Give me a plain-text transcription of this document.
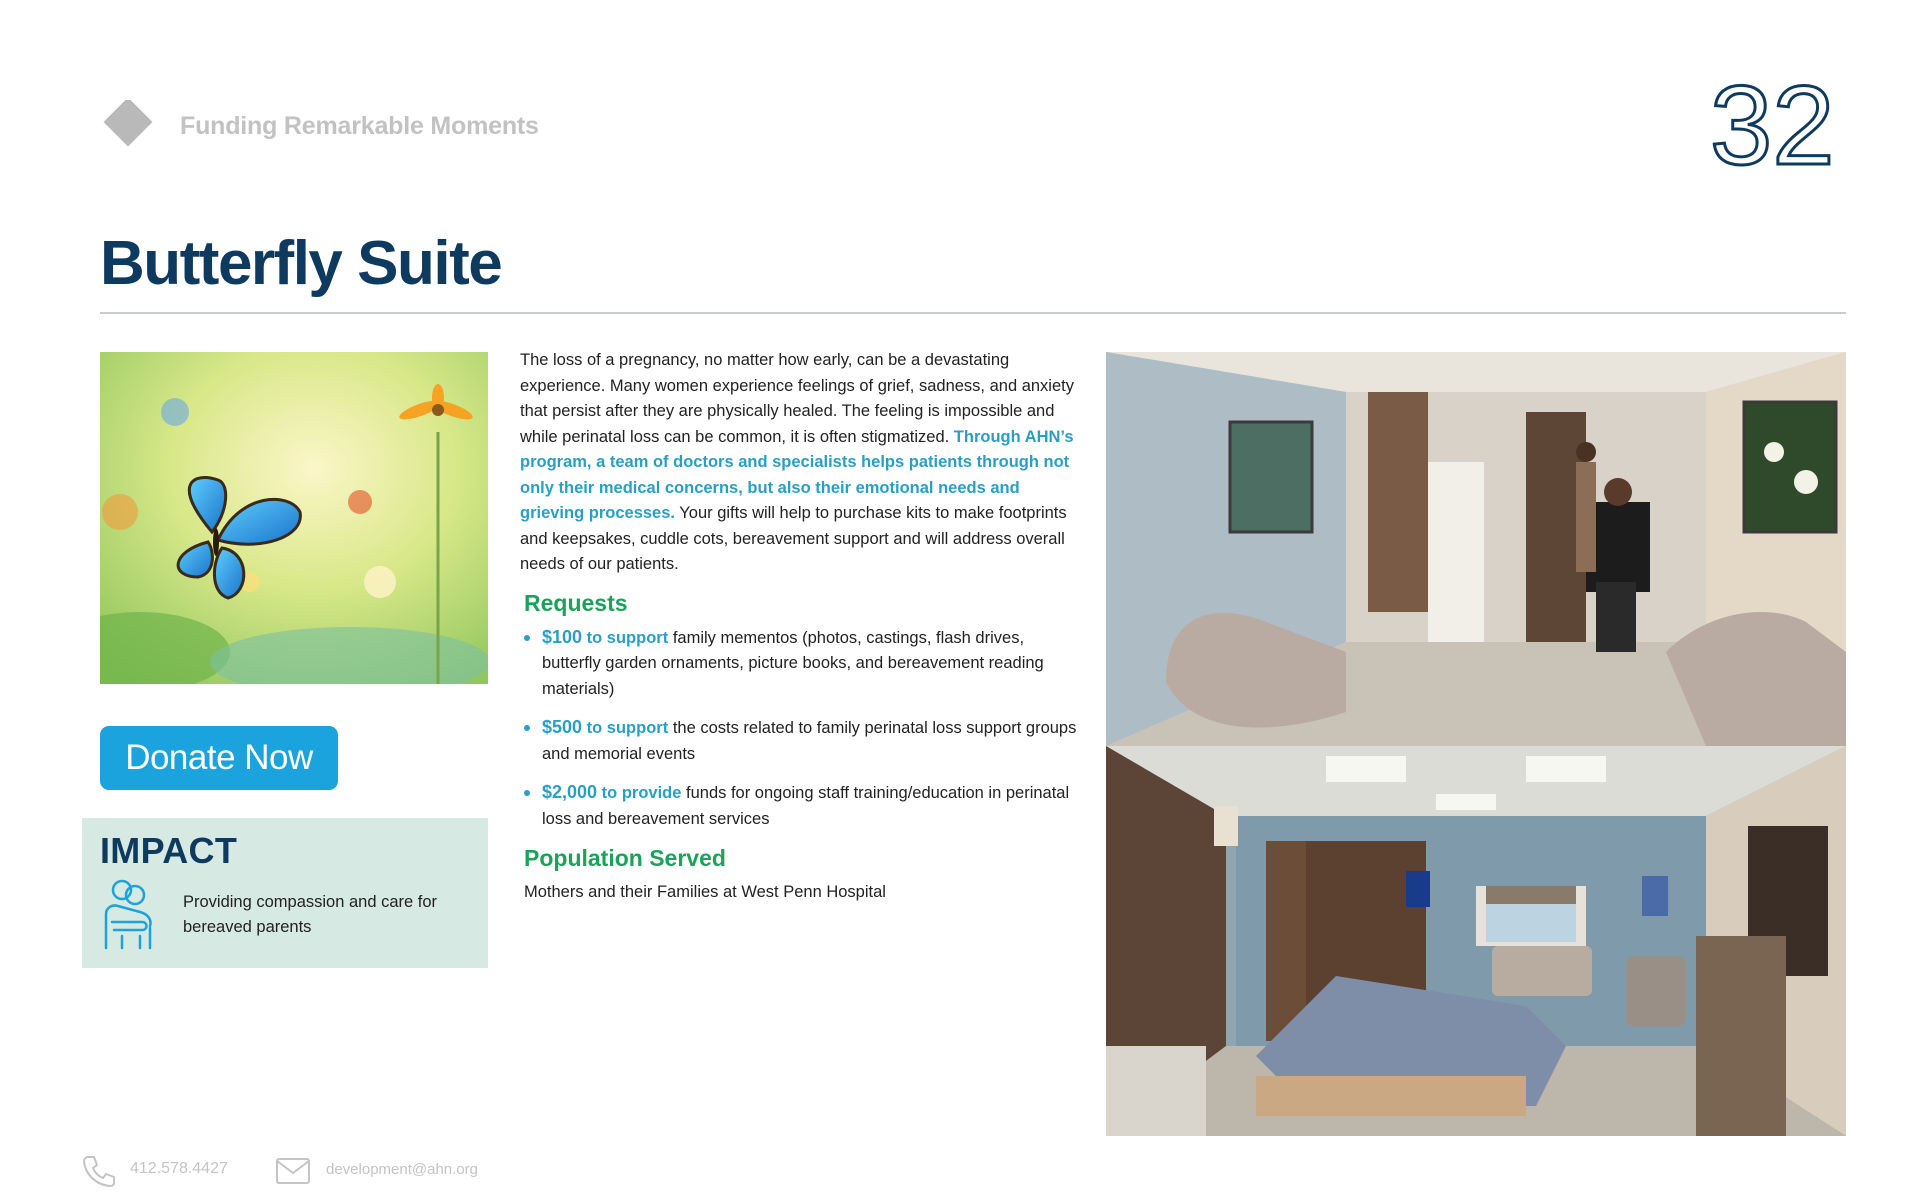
Funding Remarkable Moments	32
Butterfly Suite
Donate Now
IMPACT
Providing compassion and care for bereaved parents

The loss of a pregnancy, no matter how early, can be a devastating experience. Many women experience feelings of grief, sadness, and anxiety that persist after they are physically healed. The feeling is impossible and while perinatal loss can be common, it is often stigmatized. Through AHN’s program, a team of doctors and specialists helps patients through not only their medical concerns, but also their emotional needs and grieving processes. Your gifts will help to purchase kits to make footprints and keepsakes, cuddle cots, bereavement support and will address overall needs of our patients.

Requests
$100 to support family mementos (photos, castings, flash drives, butterfly garden ornaments, picture books, and bereavement reading materials)
$500 to support the costs related to family perinatal loss support groups and memorial events
$2,000 to provide funds for ongoing staff training/education in perinatal loss and bereavement services
Population Served

Mothers and their Families at West Penn Hospital

412.578.4427	development@ahn.org
